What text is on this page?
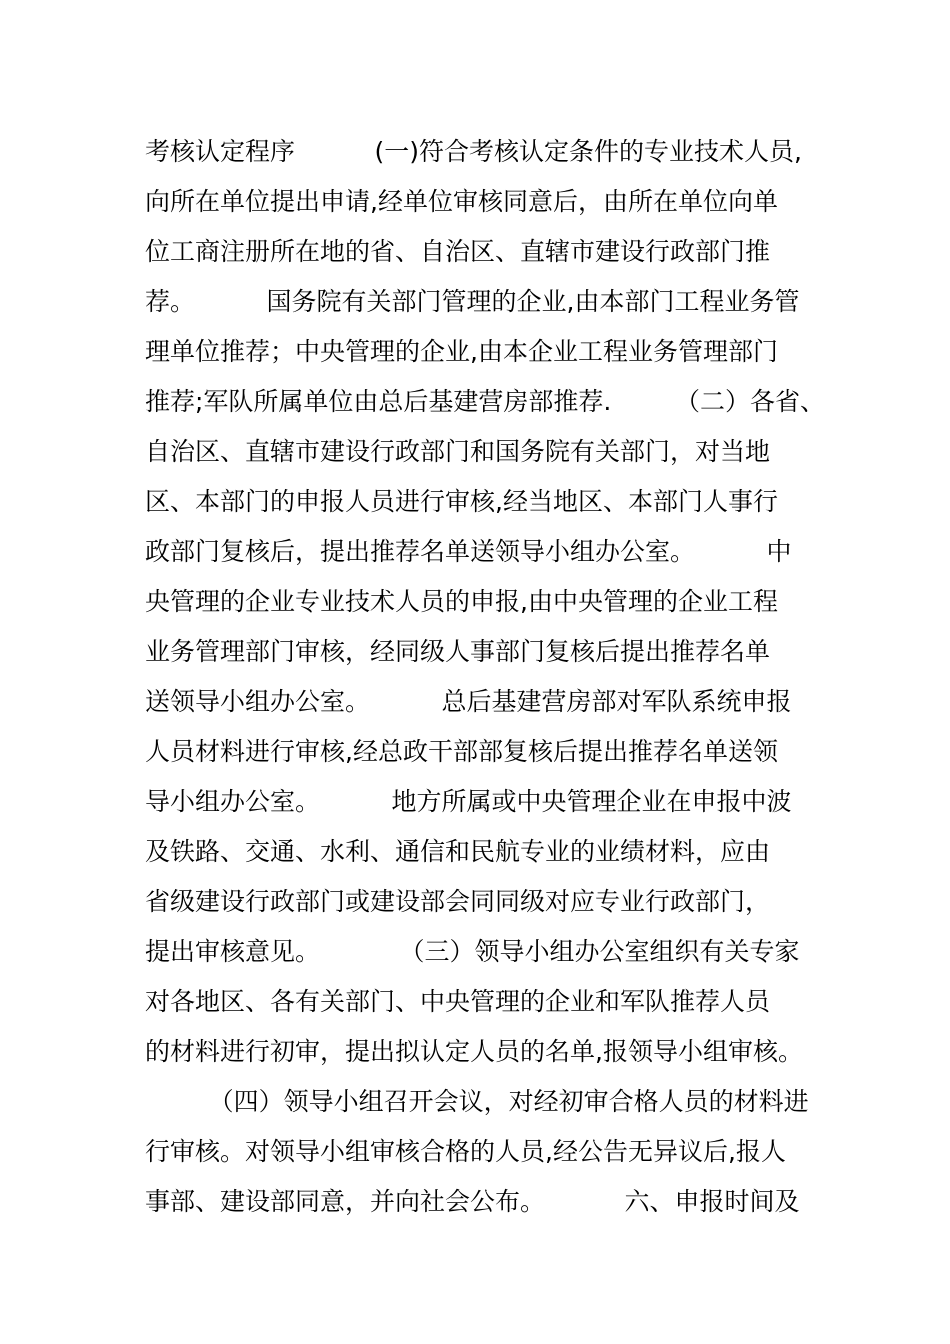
考核认定程序          (一)符合考核认定条件的专业技术人员,
向所在单位提出申请,经单位审核同意后，由所在单位向单
位工商注册所在地的省、自治区、直辖市建设行政部门推
荐。         国务院有关部门管理的企业,由本部门工程业务管
理单位推荐；中央管理的企业,由本企业工程业务管理部门
推荐;军队所属单位由总后基建营房部推荐.        （二）各省、
自治区、直辖市建设行政部门和国务院有关部门，对当地
区、本部门的申报人员进行审核,经当地区、本部门人事行
政部门复核后，提出推荐名单送领导小组办公室。         中
央管理的企业专业技术人员的申报,由中央管理的企业工程
业务管理部门审核，经同级人事部门复核后提出推荐名单
送领导小组办公室。         总后基建营房部对军队系统申报
人员材料进行审核,经总政干部部复核后提出推荐名单送领
导小组办公室。         地方所属或中央管理企业在申报中波
及铁路、交通、水利、通信和民航专业的业绩材料，应由
省级建设行政部门或建设部会同同级对应专业行政部门，
提出审核意见。          （三）领导小组办公室组织有关专家
对各地区、各有关部门、中央管理的企业和军队推荐人员
的材料进行初审，提出拟认定人员的名单,报领导小组审核。
（四）领导小组召开会议，对经初审合格人员的材料进
行审核。对领导小组审核合格的人员,经公告无异议后,报人
事部、建设部同意，并向社会公布。          六、申报时间及
